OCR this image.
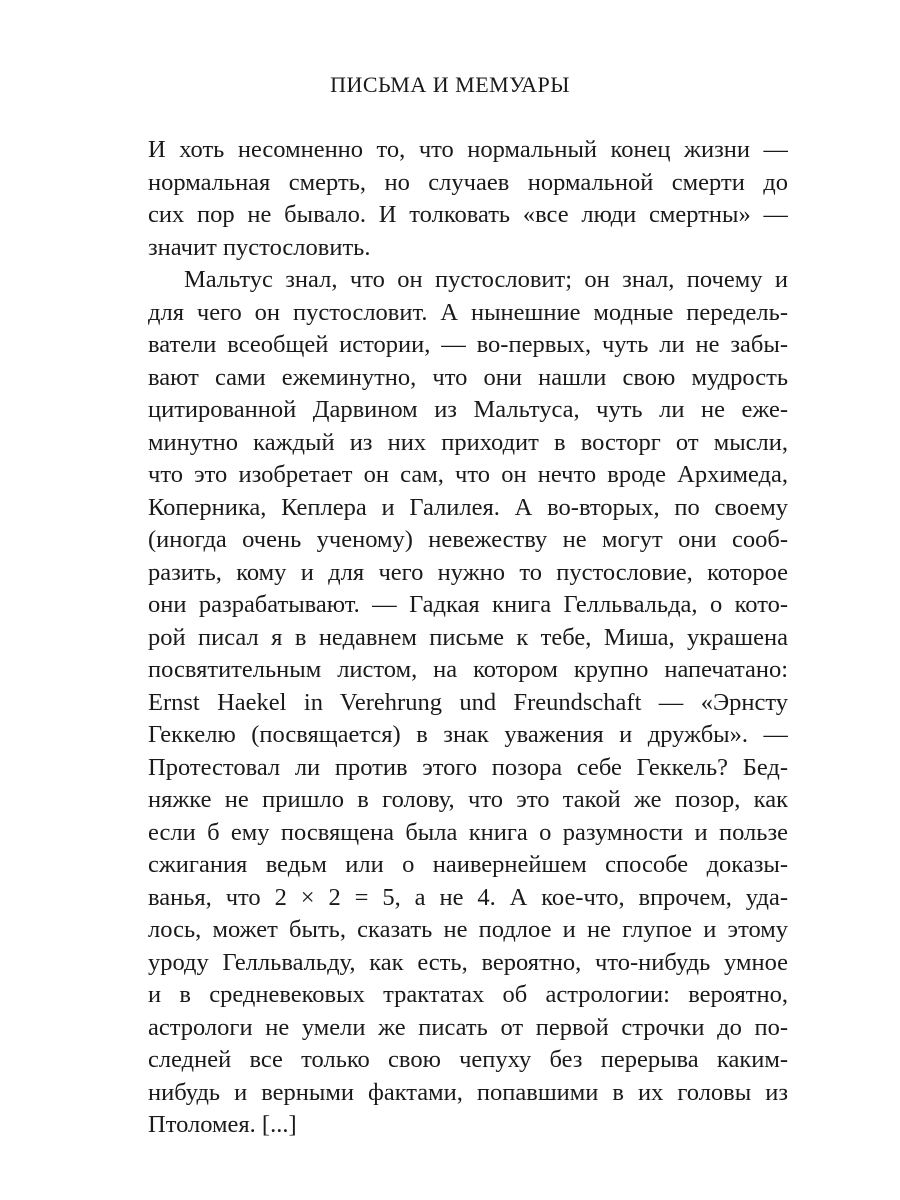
ПИСЬМА И МЕМУАРЫ
И хоть несомненно то, что нормальный конец жизни —
нормальная смерть, но случаев нормальной смерти до
сих пор не бывало. И толковать «все люди смертны» —
значит пустословить.
Мальтус знал, что он пустословит; он знал, почему и
для чего он пустословит. А нынешние модные передель-
ватели всеобщей истории, — во-первых, чуть ли не забы-
вают сами ежеминутно, что они нашли свою мудрость
цитированной Дарвином из Мальтуса, чуть ли не еже-
минутно каждый из них приходит в восторг от мысли,
что это изобретает он сам, что он нечто вроде Архимеда,
Коперника, Кеплера и Галилея. А во-вторых, по своему
(иногда очень ученому) невежеству не могут они сооб-
разить, кому и для чего нужно то пустословие, которое
они разрабатывают. — Гадкая книга Гелльвальда, о кото-
рой писал я в недавнем письме к тебе, Миша, украшена
посвятительным листом, на котором крупно напечатано:
Ernst Haekel in Verehrung und Freundschaft — «Эрнсту
Геккелю (посвящается) в знак уважения и дружбы». —
Протестовал ли против этого позора себе Геккель? Бед-
няжке не пришло в голову, что это такой же позор, как
если б ему посвящена была книга о разумности и пользе
сжигания ведьм или о наивернейшем способе доказы-
ванья, что 2 × 2 = 5, а не 4. А кое-что, впрочем, уда-
лось, может быть, сказать не подлое и не глупое и этому
уроду Гелльвальду, как есть, вероятно, что-нибудь умное
и в средневековых трактатах об астрологии: вероятно,
астрологи не умели же писать от первой строчки до по-
следней все только свою чепуху без перерыва каким-
нибудь и верными фактами, попавшими в их головы из
Птоломея. [...]
